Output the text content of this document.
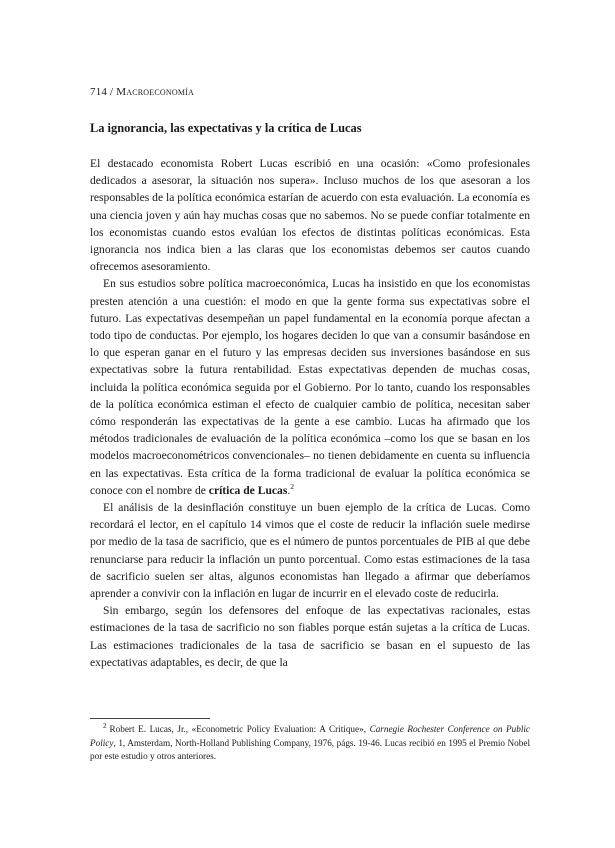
714 / Macroeconomía
La ignorancia, las expectativas y la crítica de Lucas

El destacado economista Robert Lucas escribió en una ocasión: «Como profesionales dedicados a asesorar, la situación nos supera». Incluso muchos de los que asesoran a los responsables de la política económica estarían de acuerdo con esta evaluación. La economía es una ciencia joven y aún hay muchas cosas que no sabemos. No se puede confiar totalmente en los economistas cuando estos evalúan los efectos de distintas políticas económicas. Esta ignorancia nos indica bien a las claras que los economistas debemos ser cautos cuando ofrecemos asesoramiento.

En sus estudios sobre política macroeconómica, Lucas ha insistido en que los economistas presten atención a una cuestión: el modo en que la gente forma sus expectativas sobre el futuro. Las expectativas desempeñan un papel fundamental en la economía porque afectan a todo tipo de conductas. Por ejemplo, los hogares deciden lo que van a consumir basándose en lo que esperan ganar en el futuro y las empresas deciden sus inversiones basándose en sus expectativas sobre la futura rentabilidad. Estas expectativas dependen de muchas cosas, incluida la política económica seguida por el Gobierno. Por lo tanto, cuando los responsables de la política económica estiman el efecto de cualquier cambio de política, necesitan saber cómo responderán las expectativas de la gente a ese cambio. Lucas ha afirmado que los métodos tradicionales de evaluación de la política económica –como los que se basan en los modelos macroeconométricos convencionales– no tienen debidamente en cuenta su influencia en las expectativas. Esta crítica de la forma tradicional de evaluar la política económica se conoce con el nombre de crítica de Lucas.$^2$

El análisis de la desinflación constituye un buen ejemplo de la crítica de Lucas. Como recordará el lector, en el capítulo 14 vimos que el coste de reducir la inflación suele medirse por medio de la tasa de sacrificio, que es el número de puntos porcentuales de PIB al que debe renunciarse para reducir la inflación un punto porcentual. Como estas estimaciones de la tasa de sacrificio suelen ser altas, algunos economistas han llegado a afirmar que deberíamos aprender a convivir con la inflación en lugar de incurrir en el elevado coste de reducirla.

Sin embargo, según los defensores del enfoque de las expectativas racionales, estas estimaciones de la tasa de sacrificio no son fiables porque están sujetas a la crítica de Lucas. Las estimaciones tradicionales de la tasa de sacrificio se basan en el supuesto de las expectativas adaptables, es decir, de que la

$^2$ Robert E. Lucas, Jr., «Econometric Policy Evaluation: A Critique», Carnegie Rochester Conference on Public Policy, 1, Amsterdam, North-Holland Publishing Company, 1976, págs. 19-46. Lucas recibió en 1995 el Premio Nobel por este estudio y otros anteriores.
